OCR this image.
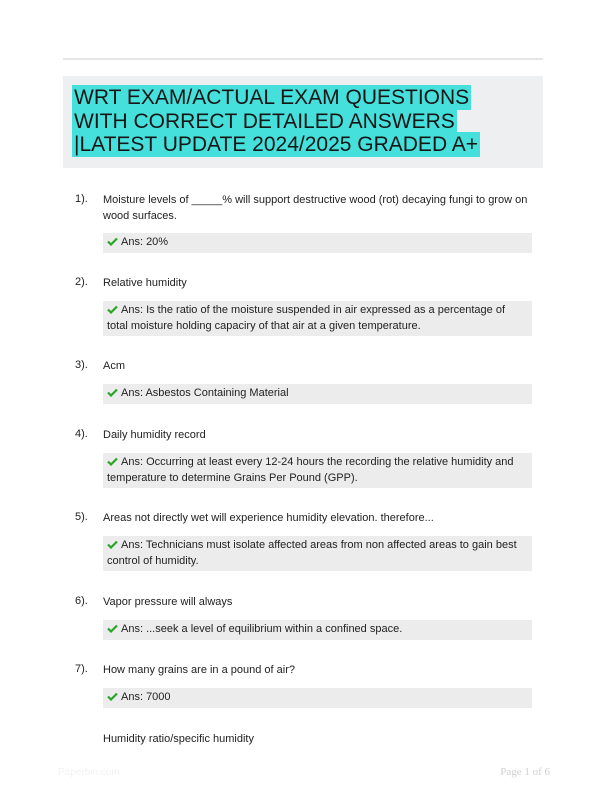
WRT EXAM/ACTUAL EXAM QUESTIONS WITH CORRECT DETAILED ANSWERS |LATEST UPDATE 2024/2025 GRADED A+
1). Moisture levels of _____% will support destructive wood (rot) decaying fungi to grow on wood surfaces.
Ans: 20%
2). Relative humidity
Ans: Is the ratio of the moisture suspended in air expressed as a percentage of total moisture holding capaciry of that air at a given temperature.
3). Acm
Ans: Asbestos Containing Material
4). Daily humidity record
Ans: Occurring at least every 12-24 hours the recording the relative humidity and temperature to determine Grains Per Pound (GPP).
5). Areas not directly wet will experience humidity elevation. therefore...
Ans: Technicians must isolate affected areas from non affected areas to gain best control of humidity.
6). Vapor pressure will always
Ans: ...seek a level of equilibrium within a confined space.
7). How many grains are in a pound of air?
Ans: 7000
Humidity ratio/specific humidity
Paperbin.com	Page 1 of 6
